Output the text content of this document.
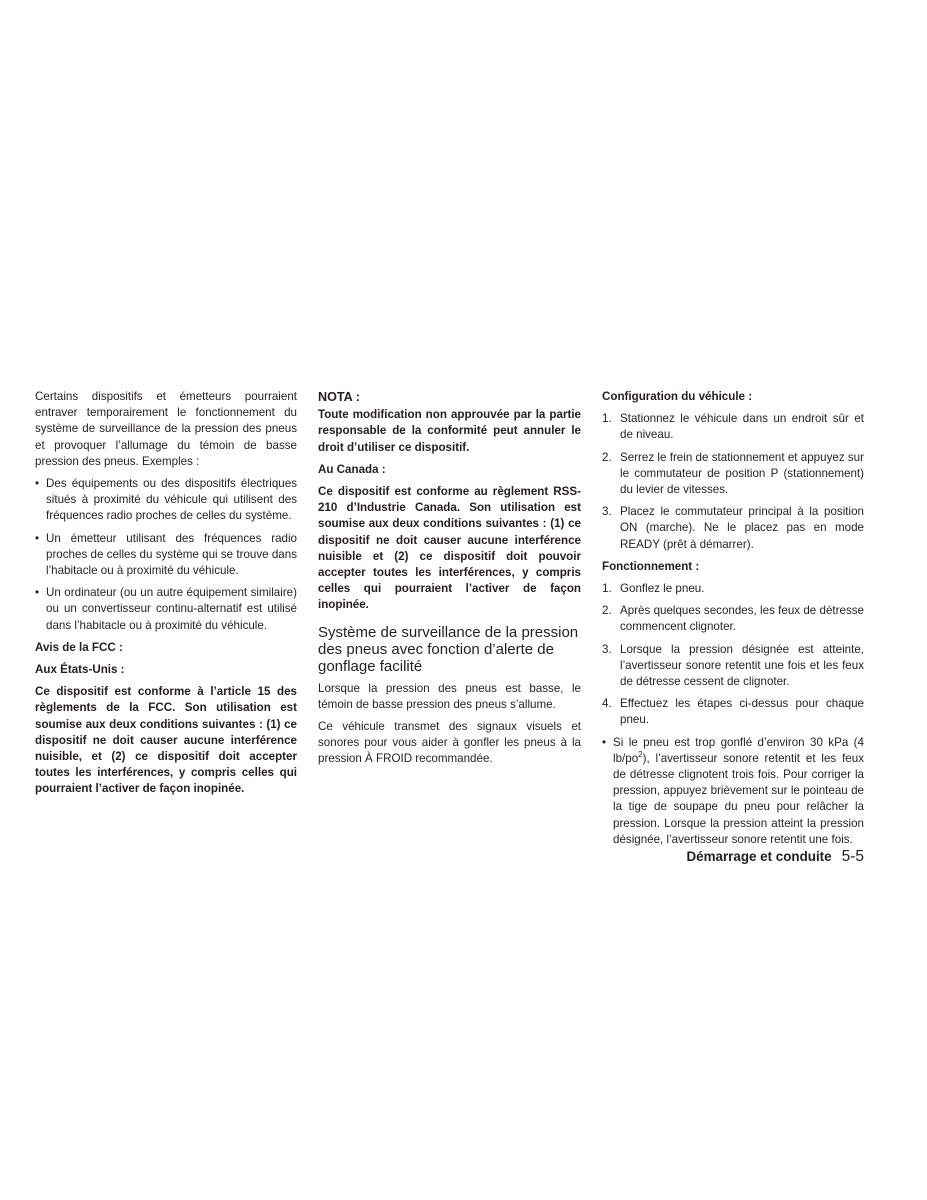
Certains dispositifs et émetteurs pourraient entraver temporairement le fonctionnement du système de surveillance de la pression des pneus et provoquer l’allumage du témoin de basse pression des pneus. Exemples :

• Des équipements ou des dispositifs électriques situés à proximité du véhicule qui utilisent des fréquences radio proches de celles du système.
• Un émetteur utilisant des fréquences radio proches de celles du système qui se trouve dans l’habitacle ou à proximité du véhicule.
• Un ordinateur (ou un autre équipement similaire) ou un convertisseur continu-alternatif est utilisé dans l’habitacle ou à proximité du véhicule.

Avis de la FCC :

Aux États-Unis :

Ce dispositif est conforme à l’article 15 des règlements de la FCC. Son utilisation est soumise aux deux conditions suivantes : (1) ce dispositif ne doit causer aucune interférence nuisible, et (2) ce dispositif doit accepter toutes les interférences, y compris celles qui pourraient l’activer de façon inopinée.

NOTA :

Toute modification non approuvée par la partie responsable de la conformité peut annuler le droit d’utiliser ce dispositif.

Au Canada :

Ce dispositif est conforme au règlement RSS-210 d’Industrie Canada. Son utilisation est soumise aux deux conditions suivantes : (1) ce dispositif ne doit causer aucune interférence nuisible et (2) ce dispositif doit pouvoir accepter toutes les interférences, y compris celles qui pourraient l’activer de façon inopinée.

Système de surveillance de la pression des pneus avec fonction d’alerte de gonflage facilité

Lorsque la pression des pneus est basse, le témoin de basse pression des pneus s’allume.

Ce véhicule transmet des signaux visuels et sonores pour vous aider à gonfler les pneus à la pression À FROID recommandée.

Configuration du véhicule :

1. Stationnez le véhicule dans un endroit sûr et de niveau.
2. Serrez le frein de stationnement et appuyez sur le commutateur de position P (stationnement) du levier de vitesses.
3. Placez le commutateur principal à la position ON (marche). Ne le placez pas en mode READY (prêt à démarrer).

Fonctionnement :

1. Gonflez le pneu.
2. Après quelques secondes, les feux de détresse commencent clignoter.
3. Lorsque la pression désignée est atteinte, l’avertisseur sonore retentit une fois et les feux de détresse cessent de clignoter.
4. Effectuez les étapes ci-dessus pour chaque pneu.
• Si le pneu est trop gonflé d’environ 30 kPa (4 $lb/po^2$), l’avertisseur sonore retentit et les feux de détresse clignotent trois fois. Pour corriger la pression, appuyez brièvement sur le pointeau de la tige de soupape du pneu pour relâcher la pression. Lorsque la pression atteint la pression désignée, l’avertisseur sonore retentit une fois.
Démarrage et conduite 5-5
